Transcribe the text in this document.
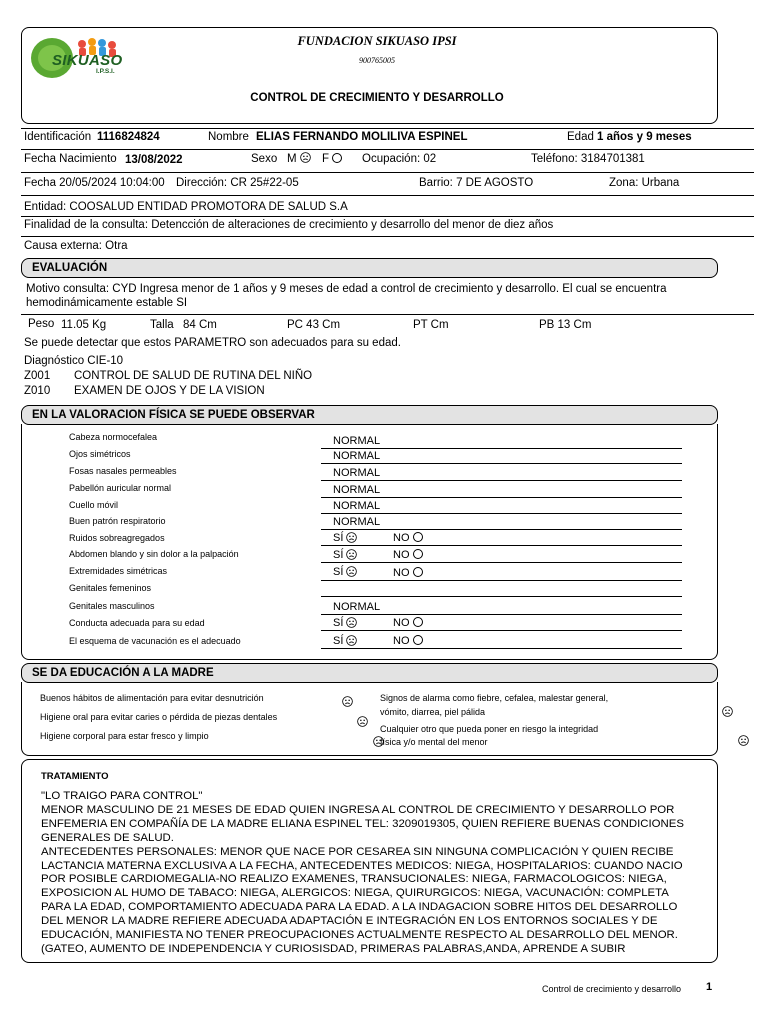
SIKUASO
I.P.S.I.
FUNDACION SIKUASO IPSI
900765005
CONTROL DE CRECIMIENTO Y DESARROLLO
Identificación 1116824824	Nombre ELIAS FERNANDO MOLILIVA ESPINEL	Edad 1 años y 9 meses
Fecha Nacimiento 13/08/2022	Sexo M	F	Ocupación: 02	Teléfono: 3184701381
Fecha 20/05/2024 10:04:00 Dirección: CR 25#22-05	Barrio: 7 DE AGOSTO	Zona: Urbana
Entidad: COOSALUD ENTIDAD PROMOTORA DE SALUD S.A
Finalidad de la consulta: Detencción de alteraciones de crecimiento y desarrollo del menor de diez años
Causa externa: Otra
EVALUACIÓN
Motivo consulta: CYD Ingresa menor de 1 años y 9 meses de edad a control de crecimiento y desarrollo. El cual se encuentra
hemodinámicamente estable SI
Peso 11.05 Kg	Talla 84 Cm	PC 43 Cm	PT Cm	PB 13 Cm
Se puede detectar que estos PARAMETRO son adecuados para su edad.
Diagnóstico CIE-10
Z001 CONTROL DE SALUD DE RUTINA DEL NIÑO
Z010 EXAMEN DE OJOS Y DE LA VISION
EN LA VALORACION FÍSICA SE PUEDE OBSERVAR
Cabeza normocefalea	NORMAL
Ojos simétricos	NORMAL
Fosas nasales permeables	NORMAL
Pabellón auricular normal	NORMAL
Cuello móvil	NORMAL
Buen patrón respiratorio	NORMAL
Ruidos sobreagregados	SÍ	NO
Abdomen blando y sin dolor a la palpación	SÍ	NO
Extremidades simétricas	SÍ	NO
Genitales femeninos
Genitales masculinos	NORMAL
Conducta adecuada para su edad	SÍ	NO
El esquema de vacunación es el adecuado	SÍ	NO
SE DA EDUCACIÓN A LA MADRE
Buenos hábitos de alimentación para evitar desnutrición

Higiene oral para evitar caries o pérdida de piezas dentales

Higiene corporal para estar fresco y limpio

Signos de alarma como fiebre, cefalea, malestar general,
vómito, diarrea, piel pálida

Cualquier otro que pueda poner en riesgo la integridad
física y/o mental del menor
TRATAMIENTO
"LO TRAIGO PARA CONTROL"
MENOR MASCULINO DE 21 MESES DE EDAD QUIEN INGRESA AL CONTROL DE CRECIMIENTO Y DESARROLLO POR
ENFEMERIA EN COMPAÑÍA DE LA MADRE ELIANA ESPINEL TEL: 3209019305, QUIEN REFIERE BUENAS CONDICIONES
GENERALES DE SALUD.
ANTECEDENTES PERSONALES: MENOR QUE NACE POR CESAREA SIN NINGUNA COMPLICACIÓN Y QUIEN RECIBE
LACTANCIA MATERNA EXCLUSIVA A LA FECHA, ANTECEDENTES MEDICOS: NIEGA, HOSPITALARIOS: CUANDO NACIO
POR POSIBLE CARDIOMEGALIA-NO REALIZO EXAMENES, TRANSUCIONALES: NIEGA, FARMACOLOGICOS: NIEGA,
EXPOSICION AL HUMO DE TABACO: NIEGA, ALERGICOS: NIEGA, QUIRURGICOS: NIEGA, VACUNACIÓN: COMPLETA
PARA LA EDAD, COMPORTAMIENTO ADECUADA PARA LA EDAD. A LA INDAGACION SOBRE HITOS DEL DESARROLLO
DEL MENOR LA MADRE REFIERE ADECUADA ADAPTACIÓN E INTEGRACIÓN EN LOS ENTORNOS SOCIALES Y DE
EDUCACIÓN, MANIFIESTA NO TENER PREOCUPACIONES ACTUALMENTE RESPECTO AL DESARROLLO DEL MENOR.
(GATEO, AUMENTO DE INDEPENDENCIA Y CURIOSISDAD, PRIMERAS PALABRAS,ANDA, APRENDE A SUBIR
Control de crecimiento y desarrollo 1
